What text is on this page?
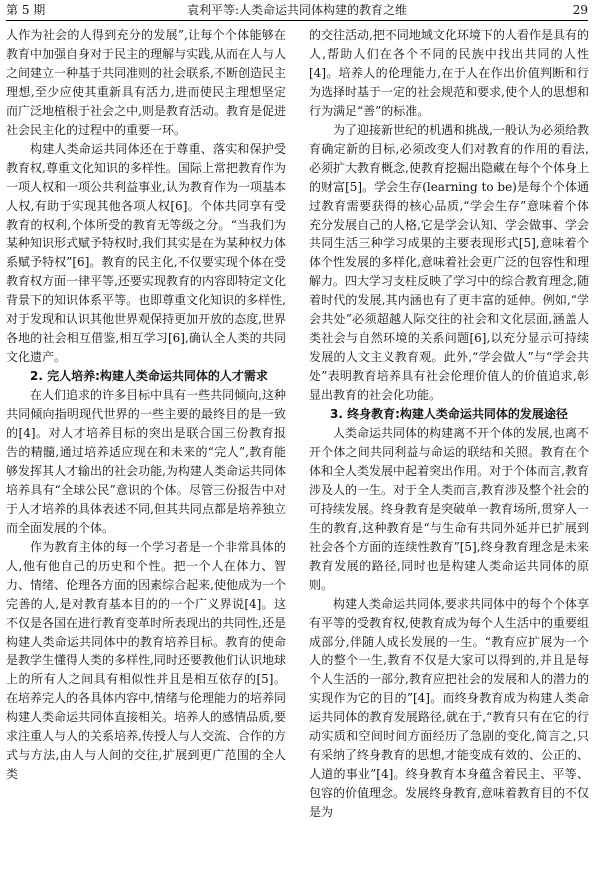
第 5 期	袁利平等:人类命运共同体构建的教育之维	29

人作为社会的人得到充分的发展”,让每个个体能够在教育中加强自身对于民主的理解与实践,从而在人与人之间建立一种基于共同准则的社会联系,不断创造民主理想,至少应使其重新具有活力,进而使民主理想坚定而广泛地植根于社会之中,则是教育活动。教育是促进社会民主化的过程中的重要一环。

构建人类命运共同体还在于尊重、落实和保护受教育权,尊重文化知识的多样性。国际上常把教育作为一项人权和一项公共利益事业,认为教育作为一项基本人权,有助于实现其他各项人权[6]。个体共同享有受教育的权利,个体所受的教育无等级之分。“当我们为某种知识形式赋予特权时,我们其实是在为某种权力体系赋予特权”[6]。教育的民主化,不仅要实现个体在受教育权方面一律平等,还要实现教育的内容即特定文化背景下的知识体系平等。也即尊重文化知识的多样性,对于发现和认识其他世界观保持更加开放的态度,世界各地的社会相互借鉴,相互学习[6],确认全人类的共同文化遗产。

2. 完人培养:构建人类命运共同体的人才需求

在人们追求的许多目标中具有一些共同倾向,这种共同倾向指明现代世界的一些主要的最终目的是一致的[4]。对人才培养目标的突出是联合国三份教育报告的精髓,通过培养适应现在和未来的“完人”,教育能够发挥其人才输出的社会功能,为构建人类命运共同体培养具有“全球公民”意识的个体。尽管三份报告中对于人才培养的具体表述不同,但其共同点都是培养独立而全面发展的个体。

作为教育主体的每一个学习者是一个非常具体的人,他有他自己的历史和个性。把一个人在体力、智力、情绪、伦理各方面的因素综合起来,使他成为一个完善的人,是对教育基本目的的一个广义界说[4]。这不仅是各国在进行教育变革时所表现出的共同性,还是构建人类命运共同体中的教育培养目标。教育的使命是教学生懂得人类的多样性,同时还要教他们认识地球上的所有人之间具有相似性并且是相互依存的[5]。在培养完人的各具体内容中,情绪与伦理能力的培养同构建人类命运共同体直接相关。培养人的感情品质,要求注重人与人的关系培养,传授人与人交流、合作的方式与方法,由人与人间的交往,扩展到更广范围的全人类

的交往活动,把不同地域文化环境下的人看作是具有的人,帮助人们在各个不同的民族中找出共同的人性[4]。培养人的伦理能力,在于人在作出价值判断和行为选择时基于一定的社会规范和要求,使个人的思想和行为满足“善”的标准。

为了迎接新世纪的机遇和挑战,一般认为必须给教育确定新的目标,必须改变人们对教育的作用的看法,必须扩大教育概念,使教育挖掘出隐藏在每个个体身上的财富[5]。学会生存(learning to be)是每个个体通过教育需要获得的核心品质,“学会生存”意味着个体充分发展自己的人格,它是学会认知、学会做事、学会共同生活三种学习成果的主要表现形式[5],意味着个体个性发展的多样化,意味着社会更广泛的包容性和理解力。四大学习支柱反映了学习中的综合教育理念,随着时代的发展,其内涵也有了更丰富的延伸。例如,“学会共处”必须超越人际交往的社会和文化层面,涵盖人类社会与自然环境的关系问题[6],以充分显示可持续发展的人文主义教育观。此外,“学会做人”与“学会共处”表明教育培养具有社会伦理价值人的价值追求,彰显出教育的社会化功能。

3. 终身教育:构建人类命运共同体的发展途径

人类命运共同体的构建离不开个体的发展,也离不开个体之间共同利益与命运的联结和关照。教育在个体和全人类发展中起着突出作用。对于个体而言,教育涉及人的一生。对于全人类而言,教育涉及整个社会的可持续发展。终身教育是突破单一教育场所,贯穿人一生的教育,这种教育是“与生命有共同外延并已扩展到社会各个方面的连续性教育”[5],终身教育理念是未来教育发展的路径,同时也是构建人类命运共同体的原则。

构建人类命运共同体,要求共同体中的每个个体享有平等的受教育权,使教育成为每个人生活中的重要组成部分,伴随人成长发展的一生。“教育应扩展为一个人的整个一生,教育不仅是大家可以得到的,并且是每个人生活的一部分,教育应把社会的发展和人的潜力的实现作为它的目的”[4]。而终身教育成为构建人类命运共同体的教育发展路径,就在于,“教育只有在它的行动实质和空间时间方面经历了急剧的变化,简言之,只有采纳了终身教育的思想,才能变成有效的、公正的、人道的事业”[4]。终身教育本身蕴含着民主、平等、包容的价值理念。发展终身教育,意味着教育目的不仅是为
